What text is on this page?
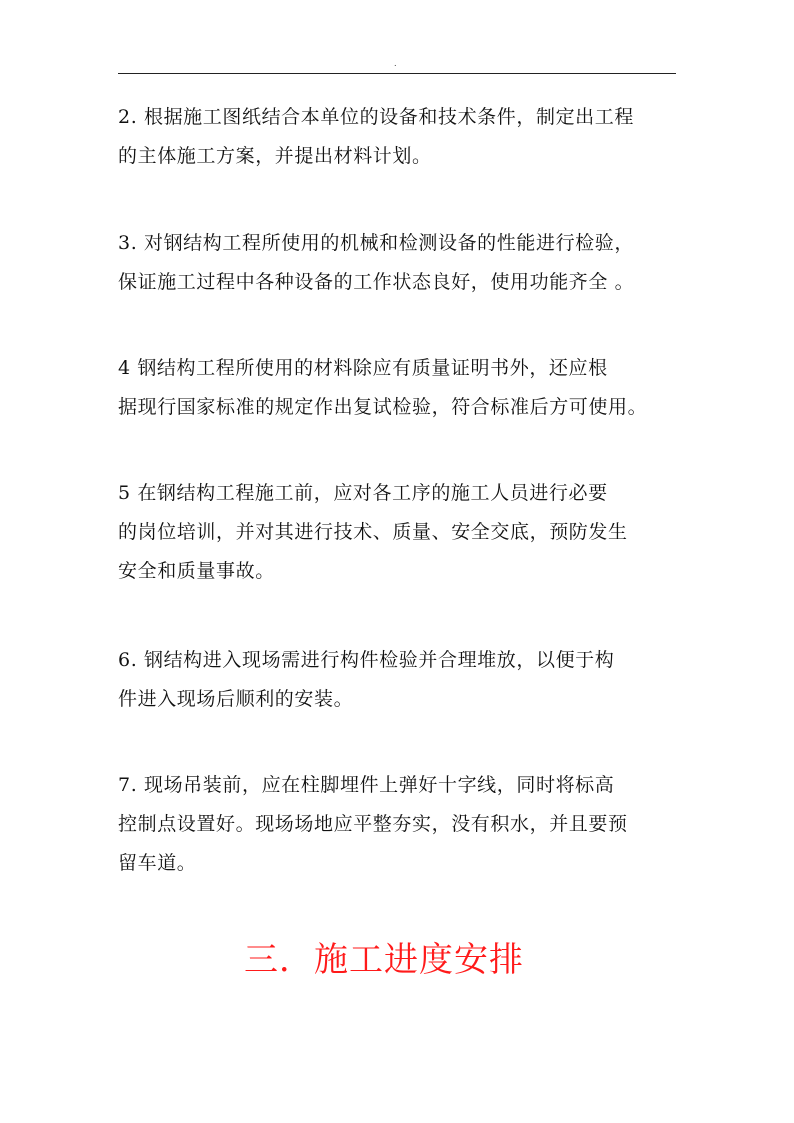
.
2. 根据施工图纸结合本单位的设备和技术条件，制定出工程
的主体施工方案，并提出材料计划。
3. 对钢结构工程所使用的机械和检测设备的性能进行检验，
保证施工过程中各种设备的工作状态良好，使用功能齐全 。
4 钢结构工程所使用的材料除应有质量证明书外，还应根
据现行国家标准的规定作出复试检验，符合标准后方可使用。
5 在钢结构工程施工前，应对各工序的施工人员进行必要
的岗位培训，并对其进行技术、质量、安全交底，预防发生
安全和质量事故。
6. 钢结构进入现场需进行构件检验并合理堆放，以便于构
件进入现场后顺利的安装。
7. 现场吊装前，应在柱脚埋件上弹好十字线，同时将标高
控制点设置好。现场场地应平整夯实，没有积水，并且要预
留车道。
三．施工进度安排
